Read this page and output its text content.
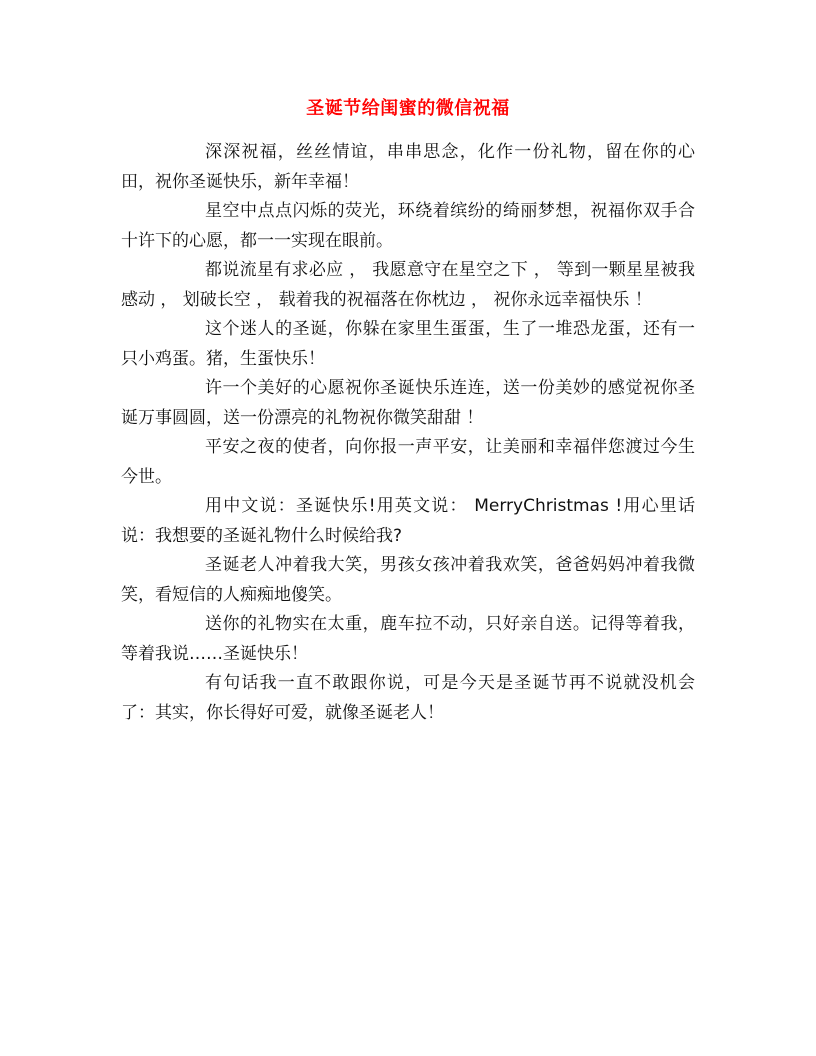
圣诞节给闺蜜的微信祝福

深深祝福，丝丝情谊，串串思念，化作一份礼物，留在你的心田，祝你圣诞快乐，新年幸福！

星空中点点闪烁的荧光，环绕着缤纷的绮丽梦想，祝福你双手合十许下的心愿，都一一实现在眼前。

都说流星有求必应 ， 我愿意守在星空之下 ， 等到一颗星星被我感动 ， 划破长空 ， 载着我的祝福落在你枕边 ， 祝你永远幸福快乐 ！

这个迷人的圣诞，你躲在家里生蛋蛋，生了一堆恐龙蛋，还有一只小鸡蛋。猪，生蛋快乐！

许一个美好的心愿祝你圣诞快乐连连，送一份美妙的感觉祝你圣诞万事圆圆，送一份漂亮的礼物祝你微笑甜甜 ！

平安之夜的使者，向你报一声平安，让美丽和幸福伴您渡过今生今世。

用中文说：圣诞快乐!用英文说： MerryChristmas !用心里话说：我想要的圣诞礼物什么时候给我?

圣诞老人冲着我大笑，男孩女孩冲着我欢笑，爸爸妈妈冲着我微笑，看短信的人痴痴地傻笑。

送你的礼物实在太重，鹿车拉不动，只好亲自送。记得等着我，等着我说……圣诞快乐！

有句话我一直不敢跟你说，可是今天是圣诞节再不说就没机会了：其实，你长得好可爱，就像圣诞老人！
